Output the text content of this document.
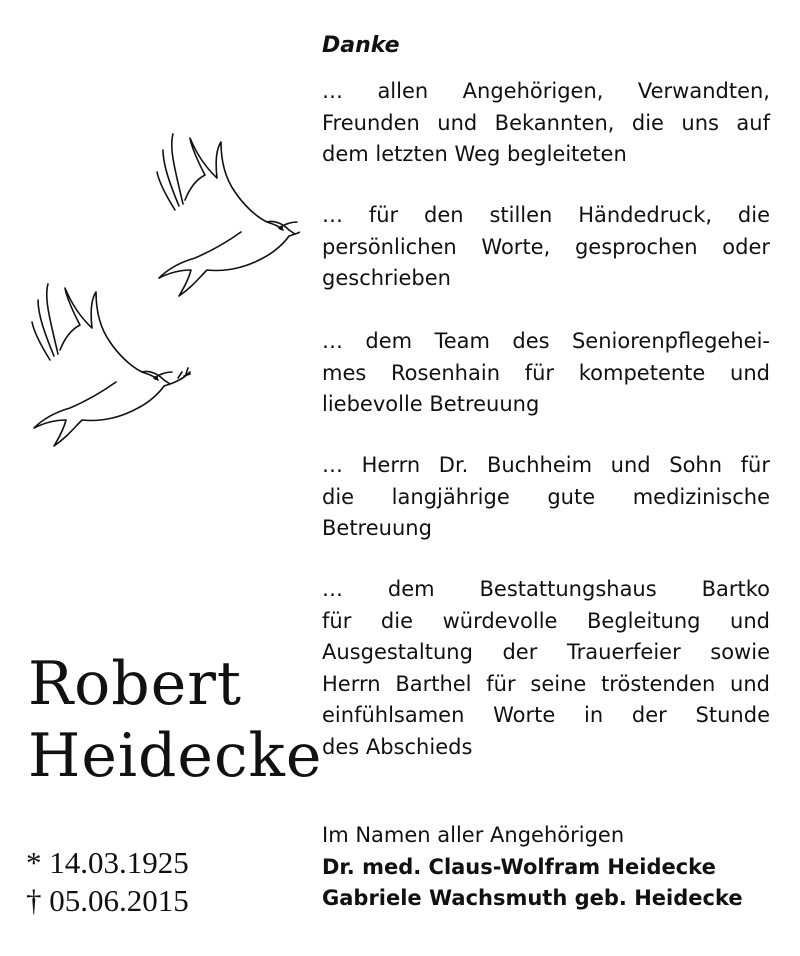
Robert
Heidecke
* 14.03.1925
† 05.06.2015
Danke
… allen Angehörigen, Verwandten,
Freunden und Bekannten, die uns auf
dem letzten Weg begleiteten
… für den stillen Händedruck, die
persönlichen Worte, gesprochen oder
geschrieben
… dem Team des Seniorenpflegehei-
mes Rosenhain für kompetente und
liebevolle Betreuung
… Herrn Dr. Buchheim und Sohn für
die langjährige gute medizinische
Betreuung
… dem Bestattungshaus Bartko
für die würdevolle Begleitung und
Ausgestaltung der Trauerfeier sowie
Herrn Barthel für seine tröstenden und
einfühlsamen Worte in der Stunde
des Abschieds
Im Namen aller Angehörigen
Dr. med. Claus-Wolfram Heidecke
Gabriele Wachsmuth geb. Heidecke
